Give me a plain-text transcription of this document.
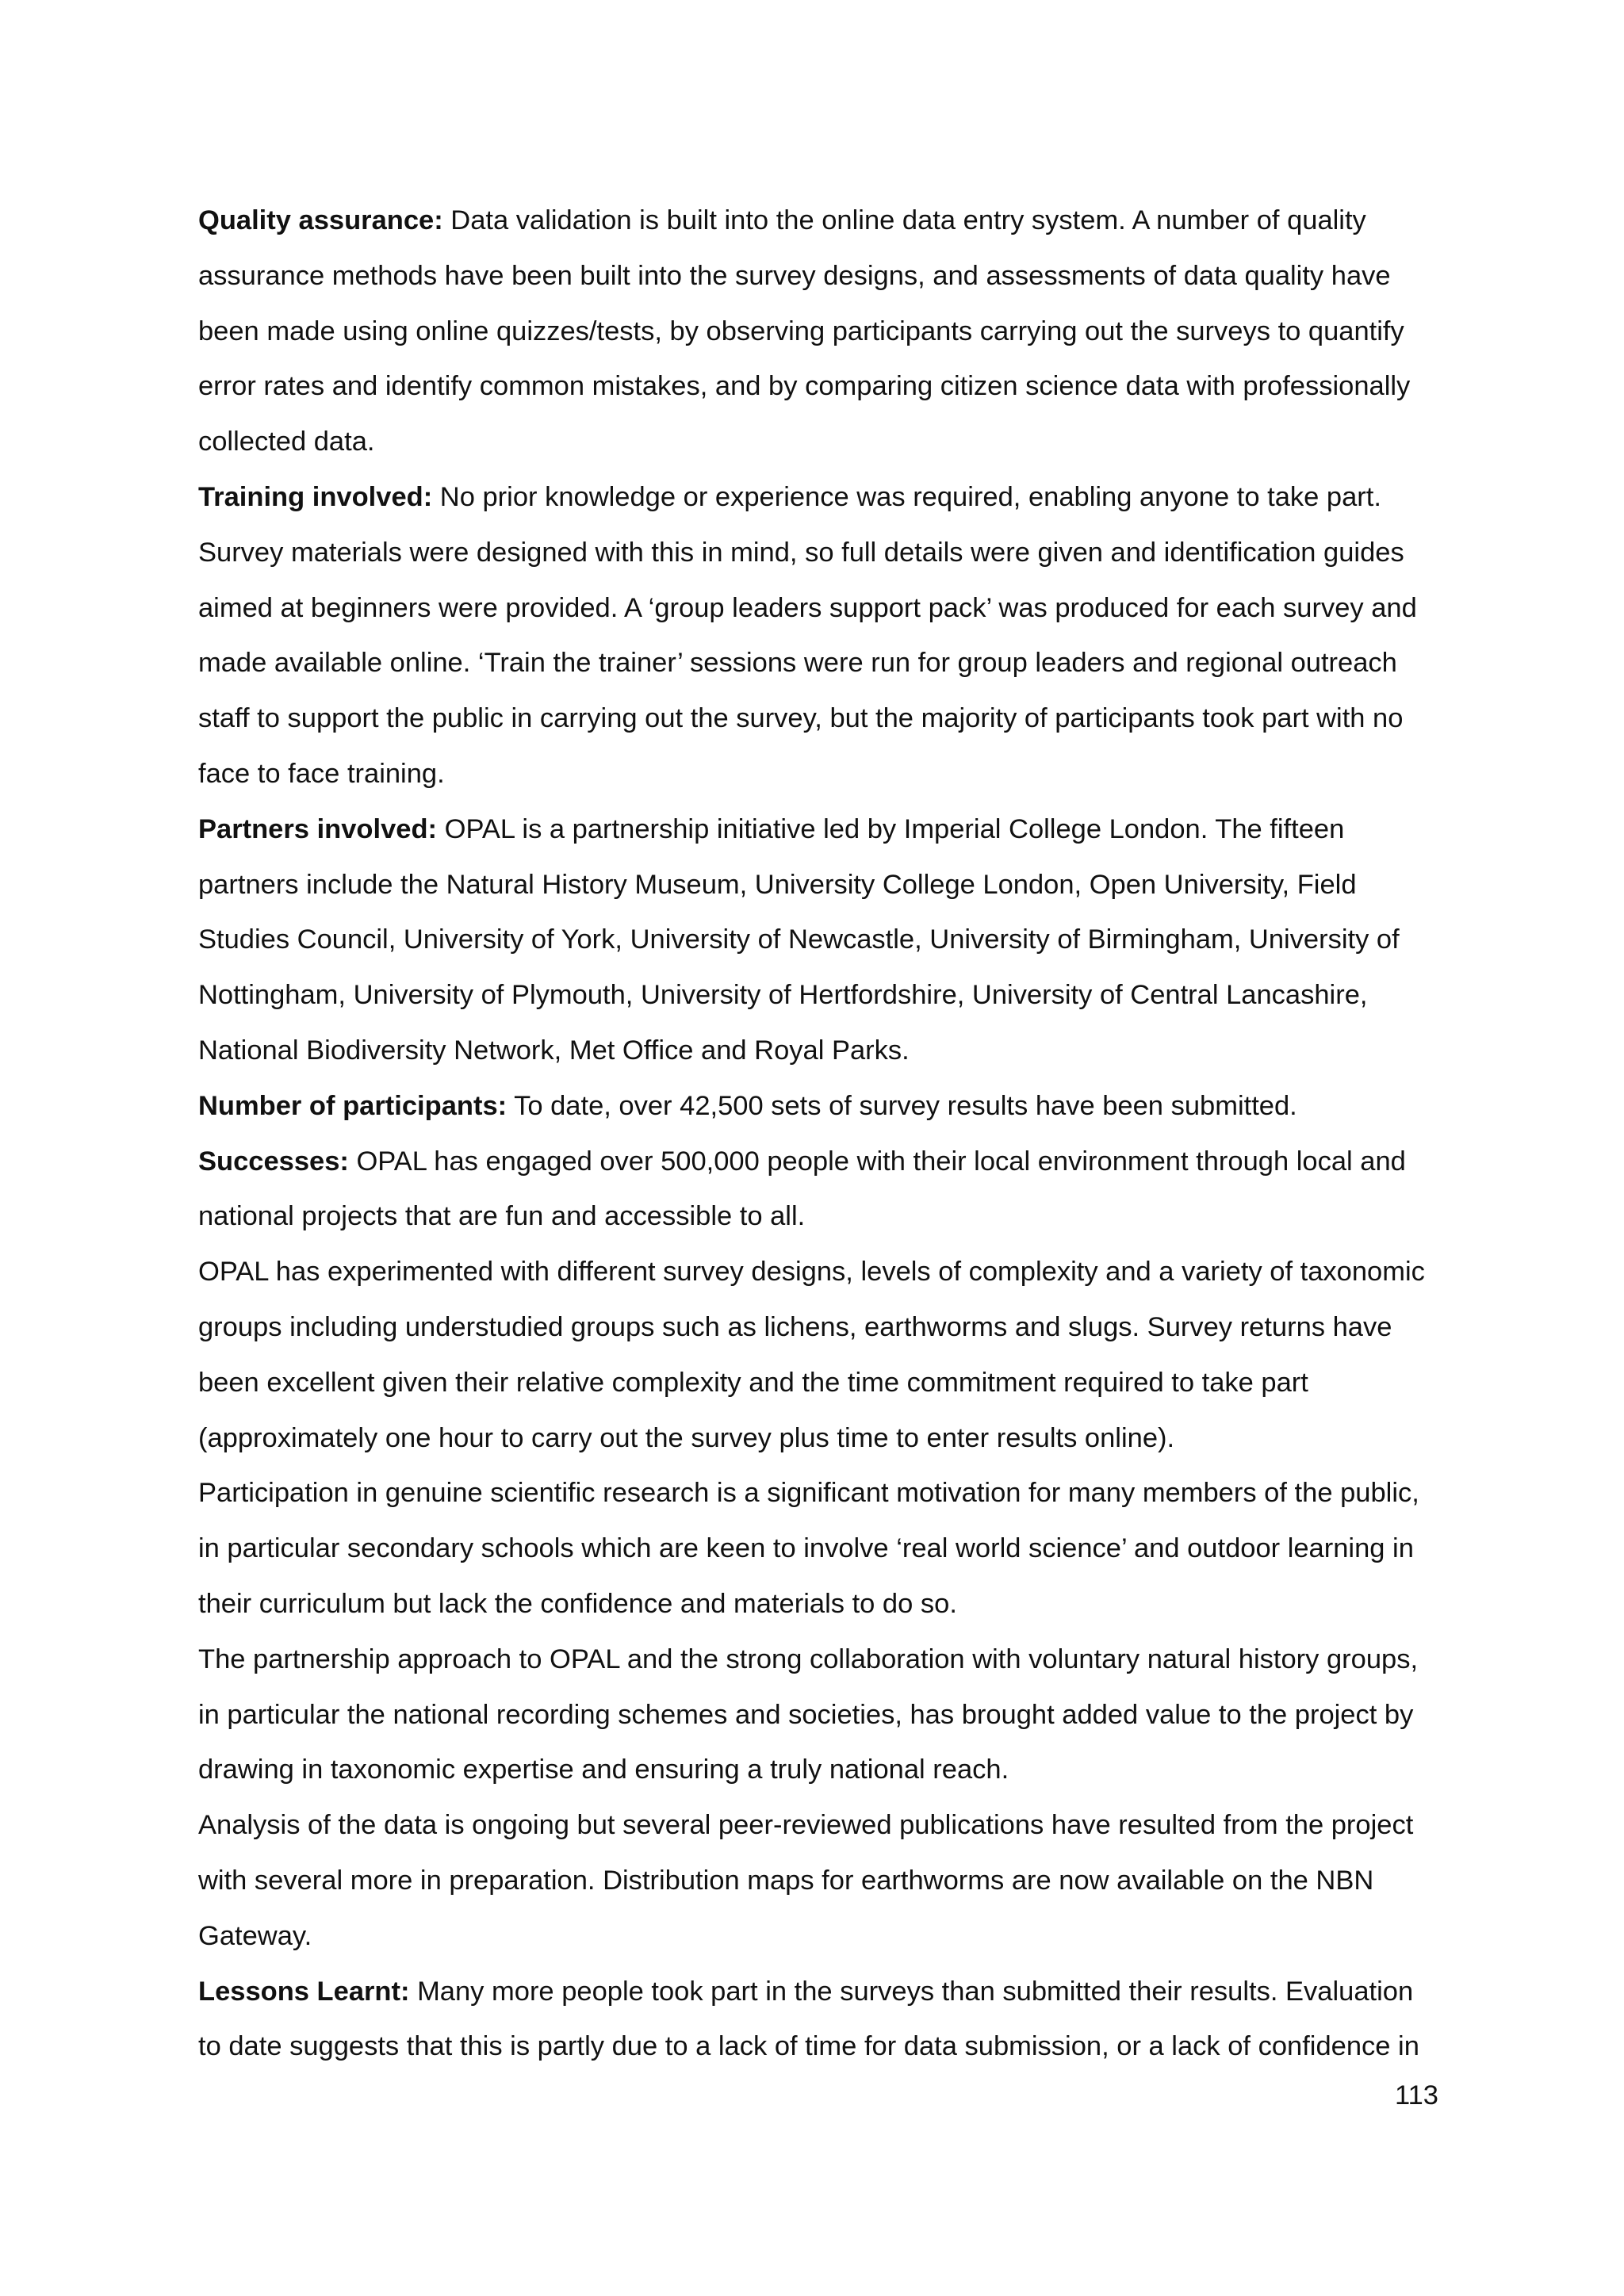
Quality assurance: Data validation is built into the online data entry system. A number of quality assurance methods have been built into the survey designs, and assessments of data quality have been made using online quizzes/tests, by observing participants carrying out the surveys to quantify error rates and identify common mistakes, and by comparing citizen science data with professionally collected data.

Training involved: No prior knowledge or experience was required, enabling anyone to take part. Survey materials were designed with this in mind, so full details were given and identification guides aimed at beginners were provided. A ‘group leaders support pack’ was produced for each survey and made available online. ‘Train the trainer’ sessions were run for group leaders and regional outreach staff to support the public in carrying out the survey, but the majority of participants took part with no face to face training.

Partners involved: OPAL is a partnership initiative led by Imperial College London. The fifteen partners include the Natural History Museum, University College London, Open University, Field Studies Council, University of York, University of Newcastle, University of Birmingham, University of Nottingham, University of Plymouth, University of Hertfordshire, University of Central Lancashire, National Biodiversity Network, Met Office and Royal Parks.

Number of participants: To date, over 42,500 sets of survey results have been submitted.

Successes: OPAL has engaged over 500,000 people with their local environment through local and national projects that are fun and accessible to all.

OPAL has experimented with different survey designs, levels of complexity and a variety of taxonomic groups including understudied groups such as lichens, earthworms and slugs. Survey returns have been excellent given their relative complexity and the time commitment required to take part (approximately one hour to carry out the survey plus time to enter results online).

Participation in genuine scientific research is a significant motivation for many members of the public, in particular secondary schools which are keen to involve ‘real world science’ and outdoor learning in their curriculum but lack the confidence and materials to do so.

The partnership approach to OPAL and the strong collaboration with voluntary natural history groups, in particular the national recording schemes and societies, has brought added value to the project by drawing in taxonomic expertise and ensuring a truly national reach.

Analysis of the data is ongoing but several peer-reviewed publications have resulted from the project with several more in preparation. Distribution maps for earthworms are now available on the NBN Gateway.

Lessons Learnt: Many more people took part in the surveys than submitted their results. Evaluation to date suggests that this is partly due to a lack of time for data submission, or a lack of confidence in

113
